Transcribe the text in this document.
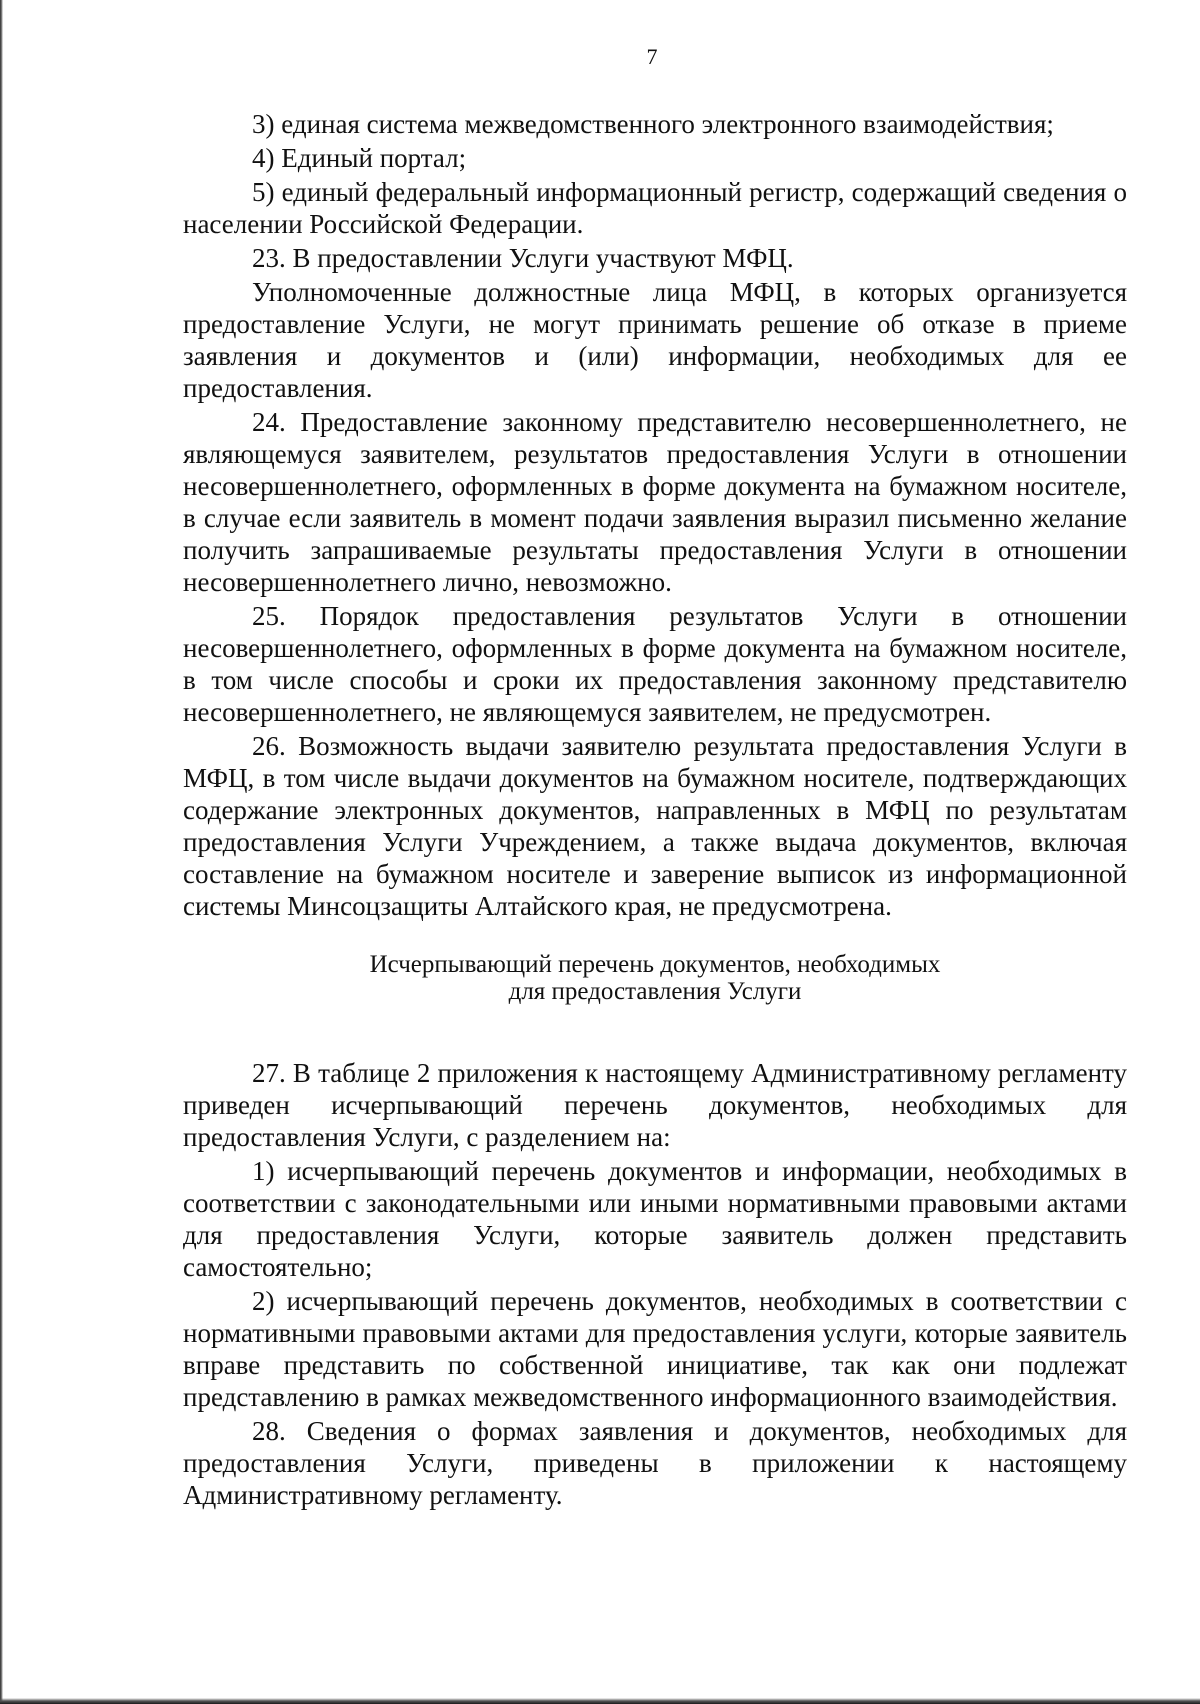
7

3) единая система межведомственного электронного взаимодействия;

4) Единый портал;

5) единый федеральный информационный регистр, содержащий сведения о населении Российской Федерации.

23. В предоставлении Услуги участвуют МФЦ.

Уполномоченные должностные лица МФЦ, в которых организуется предоставление Услуги, не могут принимать решение об отказе в приеме заявления и документов и (или) информации, необходимых для ее предоставления.

24. Предоставление законному представителю несовершеннолетнего, не являющемуся заявителем, результатов предоставления Услуги в отношении несовершеннолетнего, оформленных в форме документа на бумажном носителе, в случае если заявитель в момент подачи заявления выразил письменно желание получить запрашиваемые результаты предоставления Услуги в отношении несовершеннолетнего лично, невозможно.

25. Порядок предоставления результатов Услуги в отношении несовершеннолетнего, оформленных в форме документа на бумажном носителе, в том числе способы и сроки их предоставления законному представителю несовершеннолетнего, не являющемуся заявителем, не предусмотрен.

26. Возможность выдачи заявителю результата предоставления Услуги в МФЦ, в том числе выдачи документов на бумажном носителе, подтверждающих содержание электронных документов, направленных в МФЦ по результатам предоставления Услуги Учреждением, а также выдача документов, включая составление на бумажном носителе и заверение выписок из информационной системы Минсоцзащиты Алтайского края, не предусмотрена.

Исчерпывающий перечень документов, необходимых
для предоставления Услуги

27. В таблице 2 приложения к настоящему Административному регламенту приведен исчерпывающий перечень документов, необходимых для предоставления Услуги, с разделением на:

1) исчерпывающий перечень документов и информации, необходимых в соответствии с законодательными или иными нормативными правовыми актами для предоставления Услуги, которые заявитель должен представить самостоятельно;

2) исчерпывающий перечень документов, необходимых в соответствии с нормативными правовыми актами для предоставления услуги, которые заявитель вправе представить по собственной инициативе, так как они подлежат представлению в рамках межведомственного информационного взаимодействия.

28. Сведения о формах заявления и документов, необходимых для предоставления Услуги, приведены в приложении к настоящему Административному регламенту.
